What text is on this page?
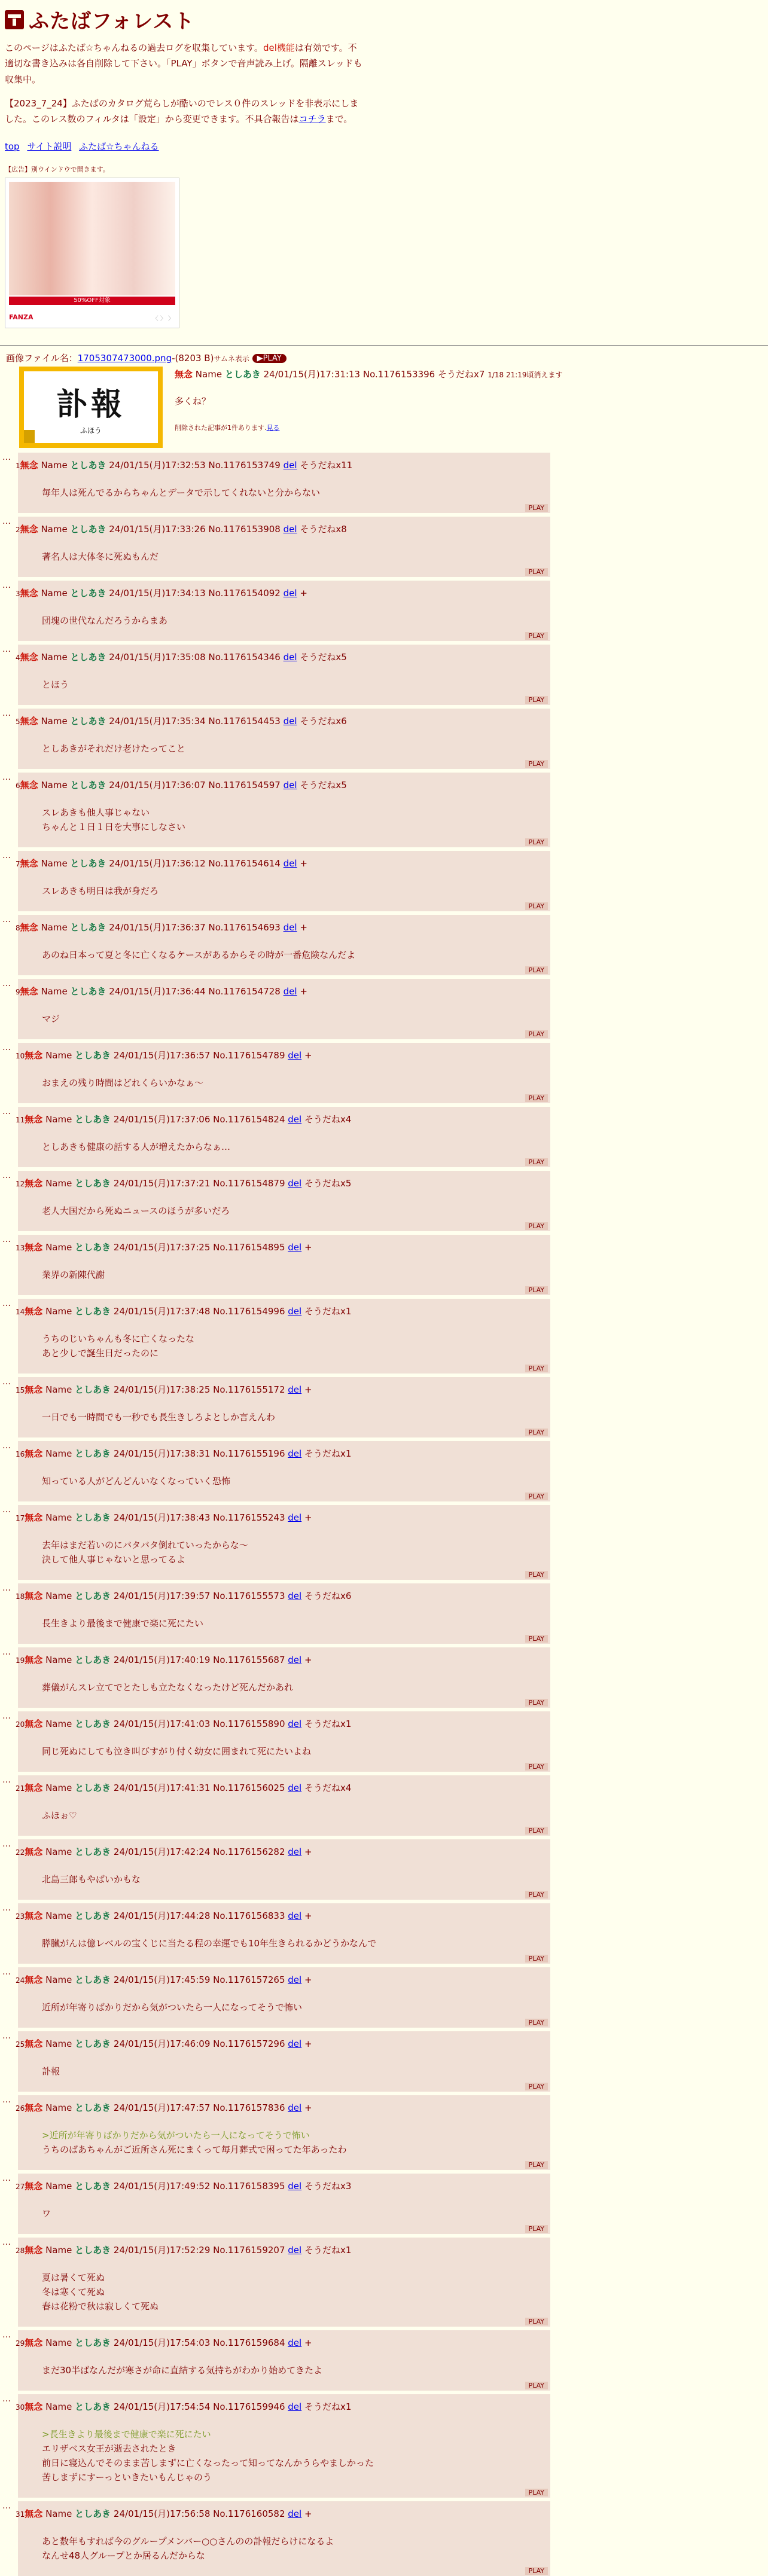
ふたばフォレスト
このページはふたば☆ちゃんねるの過去ログを収集しています。del機能は有効です。不適切な書き込みは各自削除して下さい。「PLAY」ボタンで音声読み上げ。隔離スレッドも収集中。
【2023_7_24】ふたばのカタログ荒らしが酷いのでレス０件のスレッドを非表示にしました。このレス数のフィルタは「設定」から変更できます。不具合報告はコチラまで。
top サイト説明 ふたば☆ちゃんねる
【広告】別ウインドウで開きます。
50%OFF対象
FANZA	〈 〉 〉
画像ファイル名：1705307473000.png-(8203 B)サムネ表示 ▶PLAY
訃報
ふほう
無念 Name としあき 24/01/15(月)17:31:13 No.1176153396 そうだねx7 1/18 21:19頃消えます
多くね？
削除された記事が1件あります.見る
…
1無念 Name としあき 24/01/15(月)17:32:53 No.1176153749 del そうだねx11
毎年人は死んでるからちゃんとデータで示してくれないと分からない
PLAY
…
2無念 Name としあき 24/01/15(月)17:33:26 No.1176153908 del そうだねx8
著名人は大体冬に死ぬもんだ
PLAY
…
3無念 Name としあき 24/01/15(月)17:34:13 No.1176154092 del +
団塊の世代なんだろうからまあ
PLAY
…
4無念 Name としあき 24/01/15(月)17:35:08 No.1176154346 del そうだねx5
とほう
PLAY
…
5無念 Name としあき 24/01/15(月)17:35:34 No.1176154453 del そうだねx6
としあきがそれだけ老けたってこと
PLAY
…
6無念 Name としあき 24/01/15(月)17:36:07 No.1176154597 del そうだねx5
スレあきも他人事じゃない
ちゃんと１日１日を大事にしなさい
PLAY
…
7無念 Name としあき 24/01/15(月)17:36:12 No.1176154614 del +
スレあきも明日は我が身だろ
PLAY
…
8無念 Name としあき 24/01/15(月)17:36:37 No.1176154693 del +
あのね日本って夏と冬に亡くなるケースがあるからその時が一番危険なんだよ
PLAY
…
9無念 Name としあき 24/01/15(月)17:36:44 No.1176154728 del +
マジ
PLAY
…
10無念 Name としあき 24/01/15(月)17:36:57 No.1176154789 del +
おまえの残り時間はどれくらいかなぁ〜
PLAY
…
11無念 Name としあき 24/01/15(月)17:37:06 No.1176154824 del そうだねx4
としあきも健康の話する人が増えたからなぁ…
PLAY
…
12無念 Name としあき 24/01/15(月)17:37:21 No.1176154879 del そうだねx5
老人大国だから死ぬニュースのほうが多いだろ
PLAY
…
13無念 Name としあき 24/01/15(月)17:37:25 No.1176154895 del +
業界の新陳代謝
PLAY
…
14無念 Name としあき 24/01/15(月)17:37:48 No.1176154996 del そうだねx1
うちのじいちゃんも冬に亡くなったな
あと少しで誕生日だったのに
PLAY
…
15無念 Name としあき 24/01/15(月)17:38:25 No.1176155172 del +
一日でも一時間でも一秒でも長生きしろよとしか言えんわ
PLAY
…
16無念 Name としあき 24/01/15(月)17:38:31 No.1176155196 del そうだねx1
知っている人がどんどんいなくなっていく恐怖
PLAY
…
17無念 Name としあき 24/01/15(月)17:38:43 No.1176155243 del +
去年はまだ若いのにバタバタ倒れていったからな〜
決して他人事じゃないと思ってるよ
PLAY
…
18無念 Name としあき 24/01/15(月)17:39:57 No.1176155573 del そうだねx6
長生きより最後まで健康で楽に死にたい
PLAY
…
19無念 Name としあき 24/01/15(月)17:40:19 No.1176155687 del +
葬儀がんスレ立てでとたしも立たなくなったけど死んだかあれ
PLAY
…
20無念 Name としあき 24/01/15(月)17:41:03 No.1176155890 del そうだねx1
同じ死ぬにしても泣き叫びすがり付く幼女に囲まれて死にたいよね
PLAY
…
21無念 Name としあき 24/01/15(月)17:41:31 No.1176156025 del そうだねx4
ふほぉ♡
PLAY
…
22無念 Name としあき 24/01/15(月)17:42:24 No.1176156282 del +
北島三郎もやばいかもな
PLAY
…
23無念 Name としあき 24/01/15(月)17:44:28 No.1176156833 del +
膵臓がんは億レベルの宝くじに当たる程の幸運でも10年生きられるかどうかなんで
PLAY
…
24無念 Name としあき 24/01/15(月)17:45:59 No.1176157265 del +
近所が年寄りばかりだから気がついたら一人になってそうで怖い
PLAY
…
25無念 Name としあき 24/01/15(月)17:46:09 No.1176157296 del +
訃報
PLAY
…
26無念 Name としあき 24/01/15(月)17:47:57 No.1176157836 del +
>近所が年寄りばかりだから気がついたら一人になってそうで怖い
うちのばあちゃんがご近所さん死にまくって毎月葬式で困ってた年あったわ
PLAY
…
27無念 Name としあき 24/01/15(月)17:49:52 No.1176158395 del そうだねx3
ワ
PLAY
…
28無念 Name としあき 24/01/15(月)17:52:29 No.1176159207 del そうだねx1
夏は暑くて死ぬ
冬は寒くて死ぬ
春は花粉で秋は寂しくて死ぬ
PLAY
…
29無念 Name としあき 24/01/15(月)17:54:03 No.1176159684 del +
まだ30半ばなんだが寒さが命に直結する気持ちがわかり始めてきたよ
PLAY
…
30無念 Name としあき 24/01/15(月)17:54:54 No.1176159946 del そうだねx1
>長生きより最後まで健康で楽に死にたい
エリザベス女王が逝去されたとき
前日に寝込んでそのまま苦しまずに亡くなったって知ってなんかうらやましかった
苦しまずにすーっといきたいもんじゃのう
PLAY
…
31無念 Name としあき 24/01/15(月)17:56:58 No.1176160582 del +
あと数年もすれば今のグループメンバー○○さんのの訃報だらけになるよ
なんせ48人グループとか居るんだからな
PLAY
